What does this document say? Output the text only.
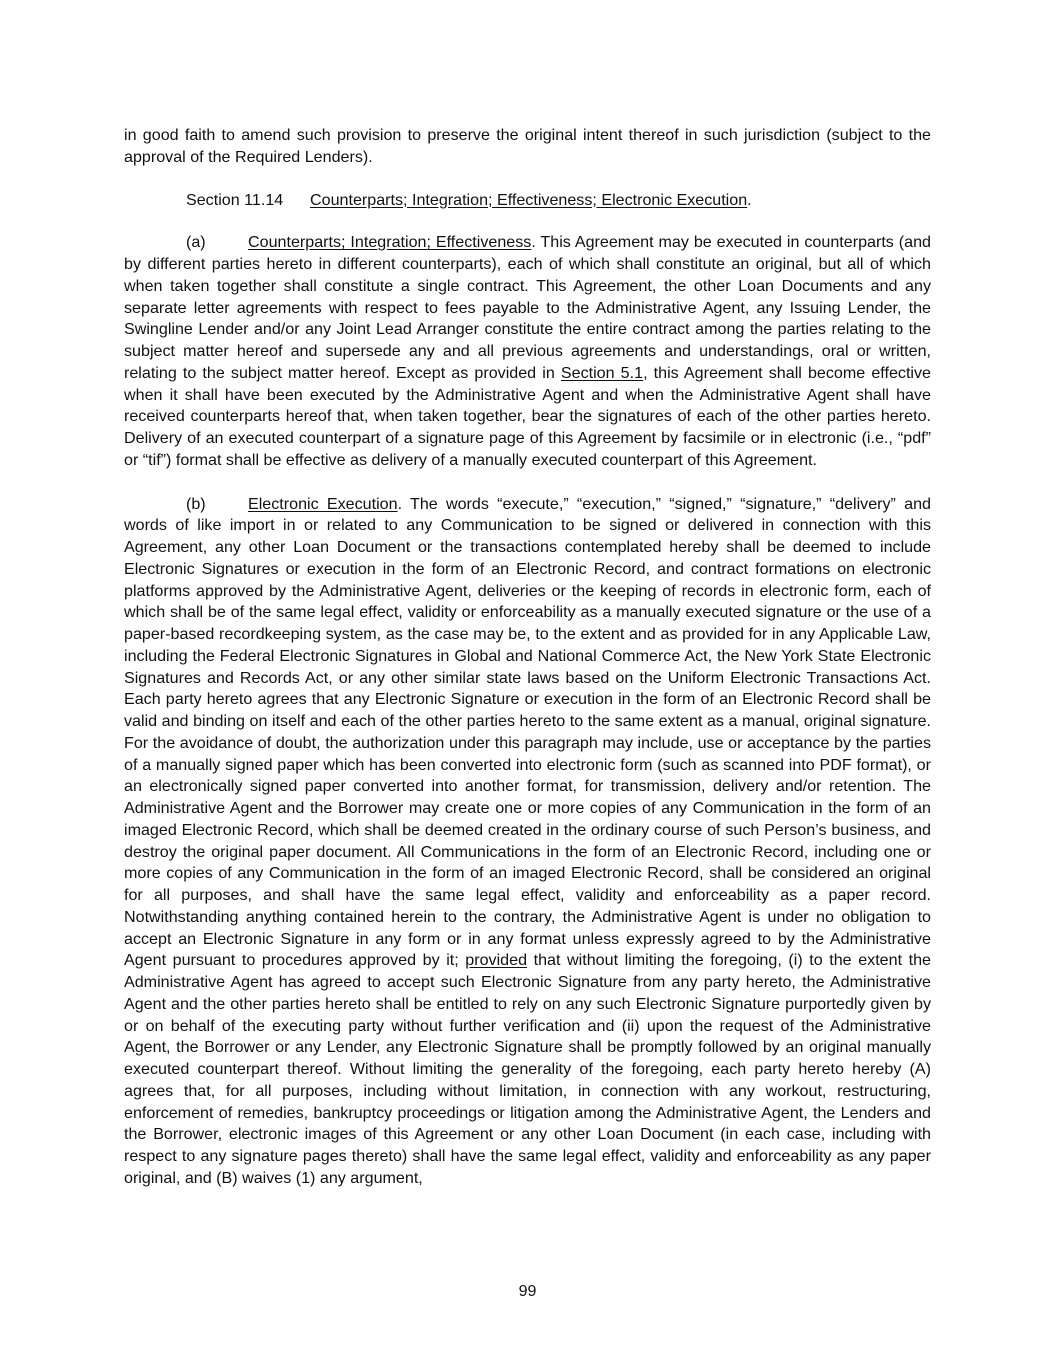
in good faith to amend such provision to preserve the original intent thereof in such jurisdiction (subject to the approval of the Required Lenders).

Section 11.14 Counterparts; Integration; Effectiveness; Electronic Execution.

(a)	Counterparts; Integration; Effectiveness. This Agreement may be executed in counterparts (and by different parties hereto in different counterparts), each of which shall constitute an original, but all of which when taken together shall constitute a single contract. This Agreement, the other Loan Documents and any separate letter agreements with respect to fees payable to the Administrative Agent, any Issuing Lender, the Swingline Lender and/or any Joint Lead Arranger constitute the entire contract among the parties relating to the subject matter hereof and supersede any and all previous agreements and understandings, oral or written, relating to the subject matter hereof. Except as provided in Section 5.1, this Agreement shall become effective when it shall have been executed by the Administrative Agent and when the Administrative Agent shall have received counterparts hereof that, when taken together, bear the signatures of each of the other parties hereto. Delivery of an executed counterpart of a signature page of this Agreement by facsimile or in electronic (i.e., “pdf” or “tif”) format shall be effective as delivery of a manually executed counterpart of this Agreement.

(b)	Electronic Execution. The words “execute,” “execution,” “signed,” “signature,” “delivery” and words of like import in or related to any Communication to be signed or delivered in connection with this Agreement, any other Loan Document or the transactions contemplated hereby shall be deemed to include Electronic Signatures or execution in the form of an Electronic Record, and contract formations on electronic platforms approved by the Administrative Agent, deliveries or the keeping of records in electronic form, each of which shall be of the same legal effect, validity or enforceability as a manually executed signature or the use of a paper-based recordkeeping system, as the case may be, to the extent and as provided for in any Applicable Law, including the Federal Electronic Signatures in Global and National Commerce Act, the New York State Electronic Signatures and Records Act, or any other similar state laws based on the Uniform Electronic Transactions Act. Each party hereto agrees that any Electronic Signature or execution in the form of an Electronic Record shall be valid and binding on itself and each of the other parties hereto to the same extent as a manual, original signature. For the avoidance of doubt, the authorization under this paragraph may include, use or acceptance by the parties of a manually signed paper which has been converted into electronic form (such as scanned into PDF format), or an electronically signed paper converted into another format, for transmission, delivery and/or retention. The Administrative Agent and the Borrower may create one or more copies of any Communication in the form of an imaged Electronic Record, which shall be deemed created in the ordinary course of such Person’s business, and destroy the original paper document. All Communications in the form of an Electronic Record, including one or more copies of any Communication in the form of an imaged Electronic Record, shall be considered an original for all purposes, and shall have the same legal effect, validity and enforceability as a paper record. Notwithstanding anything contained herein to the contrary, the Administrative Agent is under no obligation to accept an Electronic Signature in any form or in any format unless expressly agreed to by the Administrative Agent pursuant to procedures approved by it; provided that without limiting the foregoing, (i) to the extent the Administrative Agent has agreed to accept such Electronic Signature from any party hereto, the Administrative Agent and the other parties hereto shall be entitled to rely on any such Electronic Signature purportedly given by or on behalf of the executing party without further verification and (ii) upon the request of the Administrative Agent, the Borrower or any Lender, any Electronic Signature shall be promptly followed by an original manually executed counterpart thereof. Without limiting the generality of the foregoing, each party hereto hereby (A) agrees that, for all purposes, including without limitation, in connection with any workout, restructuring, enforcement of remedies, bankruptcy proceedings or litigation among the Administrative Agent, the Lenders and the Borrower, electronic images of this Agreement or any other Loan Document (in each case, including with respect to any signature pages thereto) shall have the same legal effect, validity and enforceability as any paper original, and (B) waives (1) any argument,

99
